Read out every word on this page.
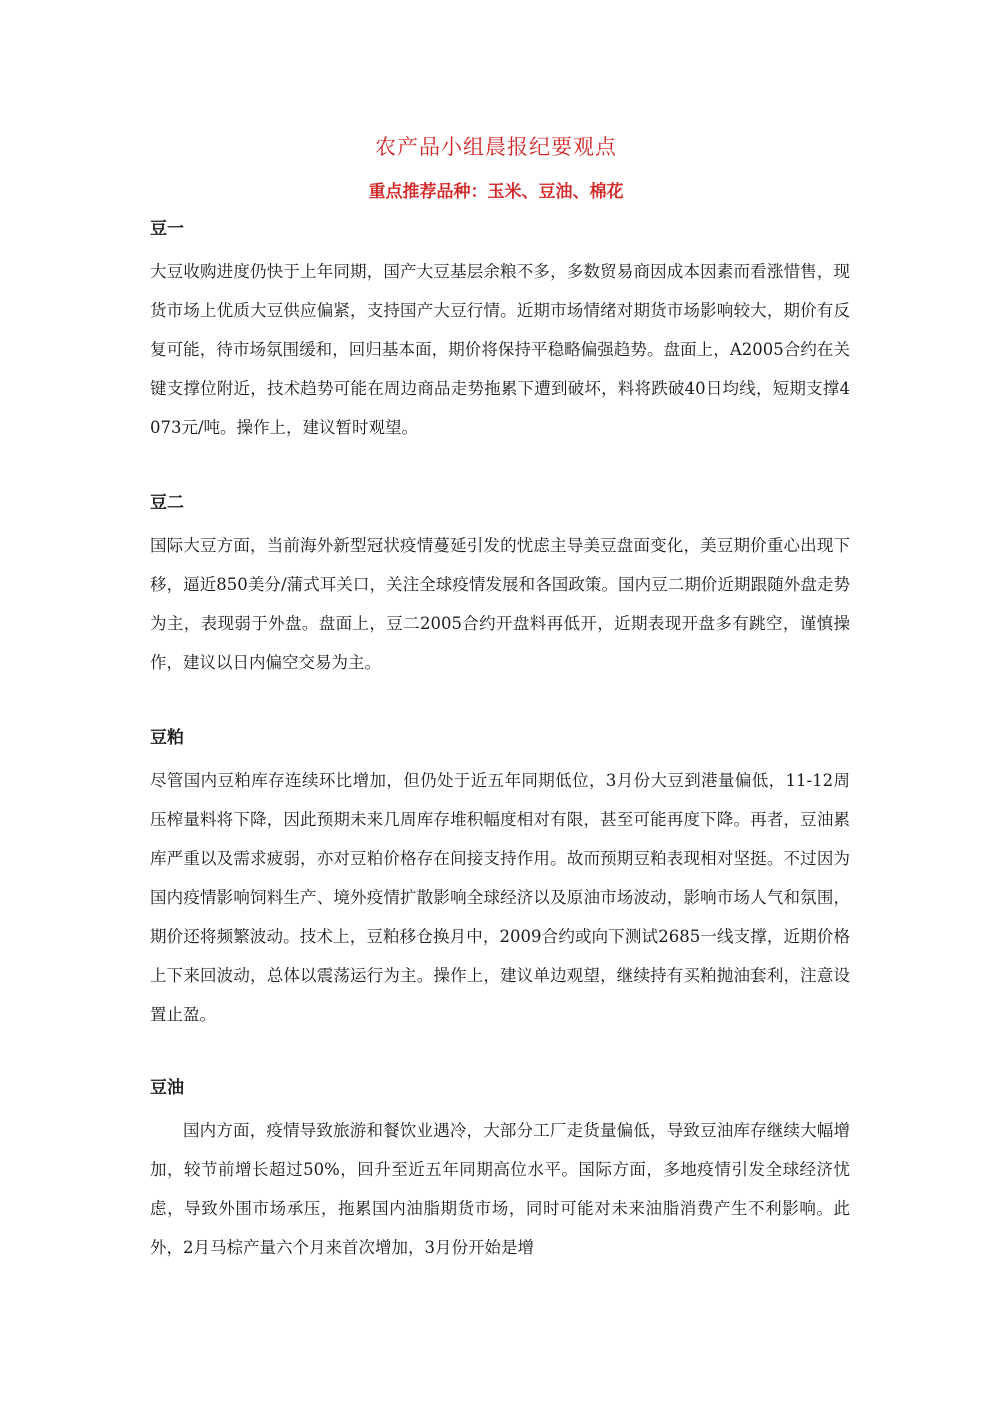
农产品小组晨报纪要观点
重点推荐品种：玉米、豆油、棉花
豆一

大豆收购进度仍快于上年同期，国产大豆基层余粮不多，多数贸易商因成本因素而看涨惜售，现货市场上优质大豆供应偏紧，支持国产大豆行情。近期市场情绪对期货市场影响较大，期价有反复可能，待市场氛围缓和，回归基本面，期价将保持平稳略偏强趋势。盘面上，A2005合约在关键支撑位附近，技术趋势可能在周边商品走势拖累下遭到破坏，料将跌破40日均线，短期支撑4073元/吨。操作上，建议暂时观望。

豆二

国际大豆方面，当前海外新型冠状疫情蔓延引发的忧虑主导美豆盘面变化，美豆期价重心出现下移，逼近850美分/蒲式耳关口，关注全球疫情发展和各国政策。国内豆二期价近期跟随外盘走势为主，表现弱于外盘。盘面上，豆二2005合约开盘料再低开，近期表现开盘多有跳空，谨慎操作，建议以日内偏空交易为主。

豆粕

尽管国内豆粕库存连续环比增加，但仍处于近五年同期低位，3月份大豆到港量偏低，11-12周压榨量料将下降，因此预期未来几周库存堆积幅度相对有限，甚至可能再度下降。再者，豆油累库严重以及需求疲弱，亦对豆粕价格存在间接支持作用。故而预期豆粕表现相对坚挺。不过因为国内疫情影响饲料生产、境外疫情扩散影响全球经济以及原油市场波动，影响市场人气和氛围，期价还将频繁波动。技术上，豆粕移仓换月中，2009合约或向下测试2685一线支撑，近期价格上下来回波动，总体以震荡运行为主。操作上，建议单边观望，继续持有买粕抛油套利，注意设置止盈。

豆油

国内方面，疫情导致旅游和餐饮业遇冷，大部分工厂走货量偏低，导致豆油库存继续大幅增加，较节前增长超过50%，回升至近五年同期高位水平。国际方面，多地疫情引发全球经济忧虑，导致外围市场承压，拖累国内油脂期货市场，同时可能对未来油脂消费产生不利影响。此外，2月马棕产量六个月来首次增加，3月份开始是增
